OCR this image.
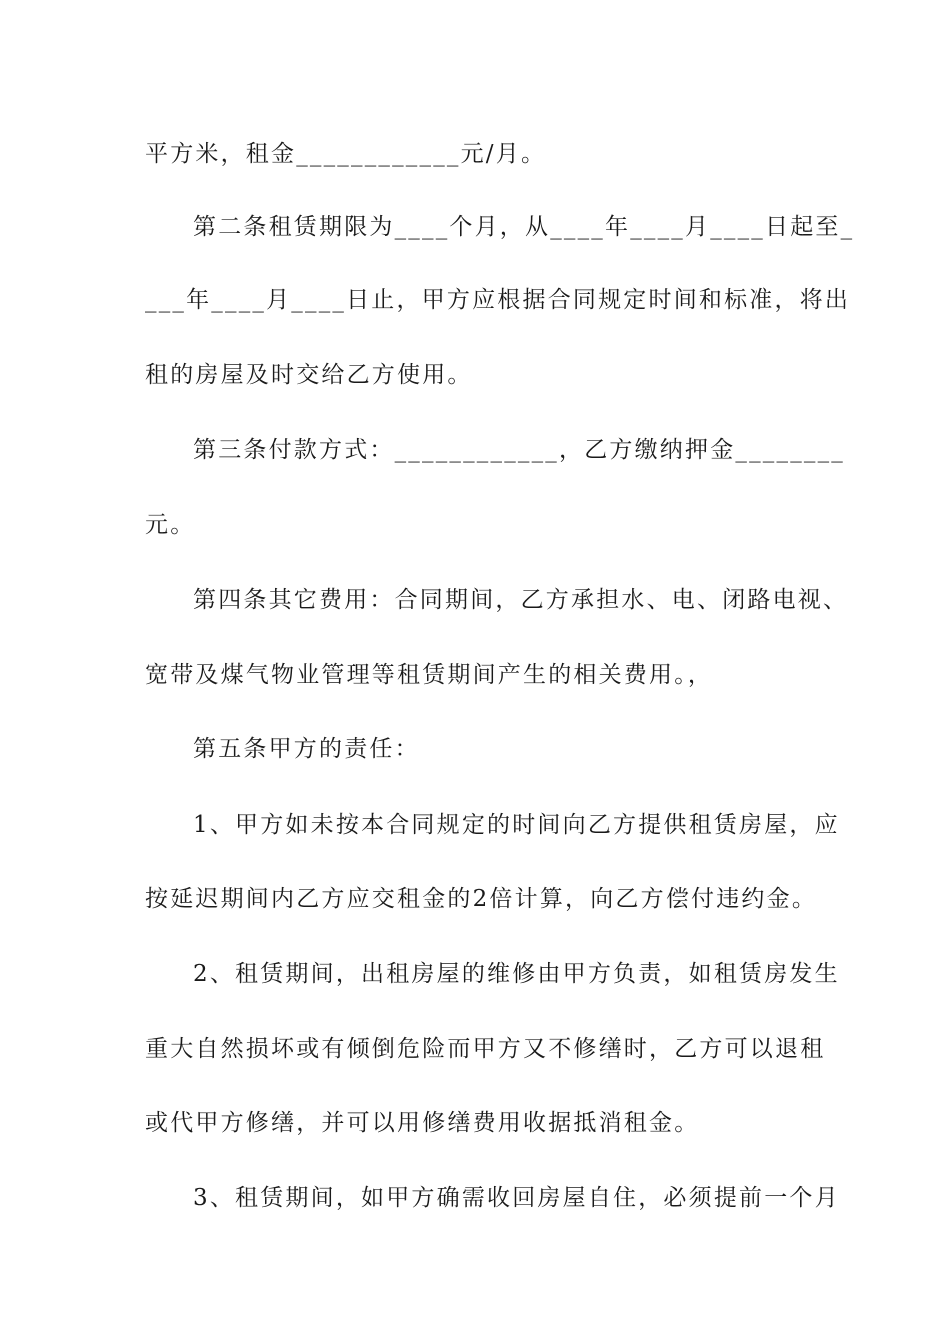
平方米，租金____________元/月。
第二条租赁期限为____个月，从____年____月____日起至_
___年____月____日止，甲方应根据合同规定时间和标准，将出
租的房屋及时交给乙方使用。
第三条付款方式：____________，乙方缴纳押金________
元。
第四条其它费用：合同期间，乙方承担水、电、闭路电视、
宽带及煤气物业管理等租赁期间产生的相关费用。，
第五条甲方的责任：
1、甲方如未按本合同规定的时间向乙方提供租赁房屋，应
按延迟期间内乙方应交租金的2倍计算，向乙方偿付违约金。
2、租赁期间，出租房屋的维修由甲方负责，如租赁房发生
重大自然损坏或有倾倒危险而甲方又不修缮时，乙方可以退租
或代甲方修缮，并可以用修缮费用收据抵消租金。
3、租赁期间，如甲方确需收回房屋自住，必须提前一个月
